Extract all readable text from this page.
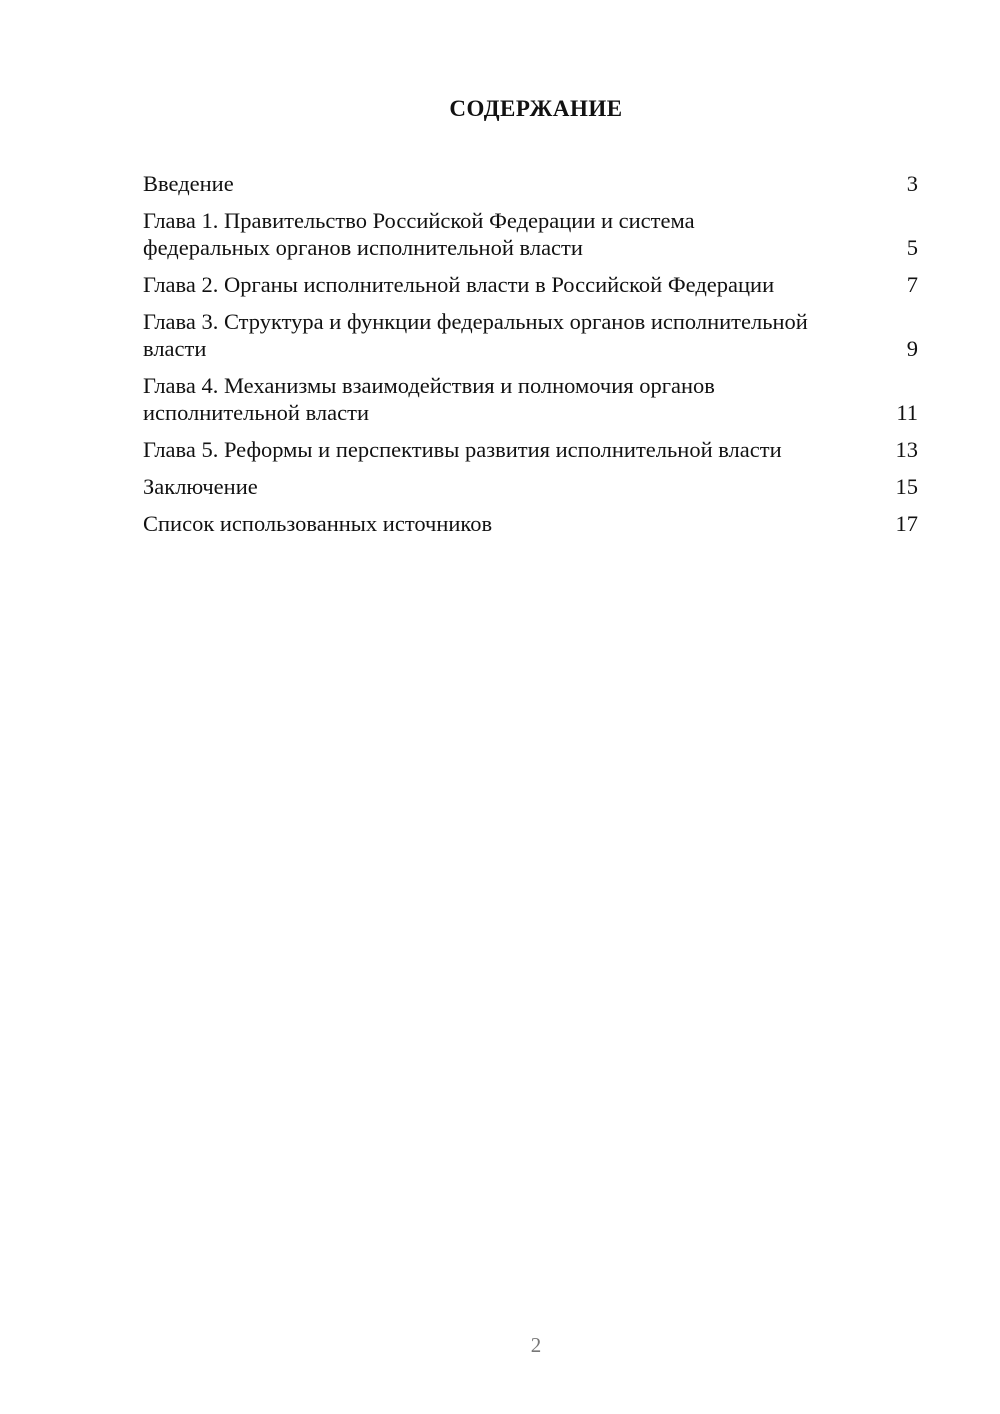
СОДЕРЖАНИЕ
Введение	3
Глава 1. Правительство Российской Федерации и система федеральных органов исполнительной власти	5
Глава 2. Органы исполнительной власти в Российской Федерации	7
Глава 3. Структура и функции федеральных органов исполнительной власти	9
Глава 4. Механизмы взаимодействия и полномочия органов исполнительной власти	11
Глава 5. Реформы и перспективы развития исполнительной власти	13
Заключение	15
Список использованных источников	17
2
